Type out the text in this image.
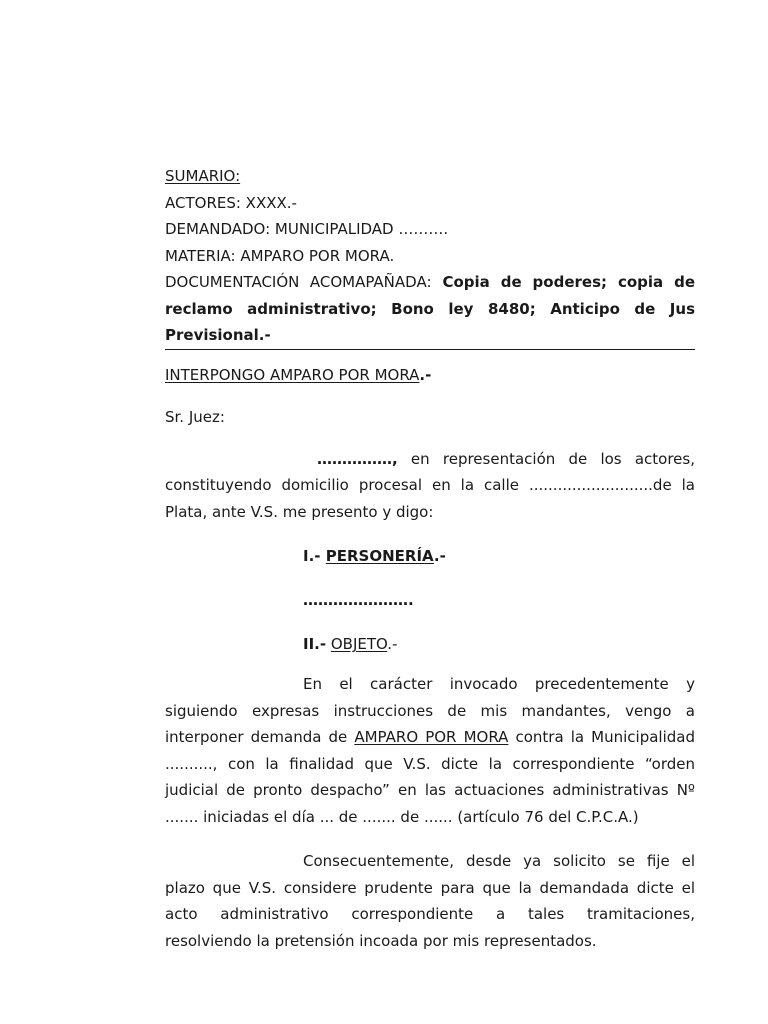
SUMARIO:
ACTORES: XXXX.-
DEMANDADO: MUNICIPALIDAD ……….
MATERIA: AMPARO POR MORA.
DOCUMENTACIÓN ACOMAPAÑADA: Copia de poderes; copia de reclamo administrativo; Bono ley 8480; Anticipo de Jus Previsional.-
INTERPONGO AMPARO POR MORA.-
Sr. Juez:
……………, en representación de los actores, constituyendo domicilio procesal en la calle ..........................de la Plata, ante V.S. me presento y digo:
I.- PERSONERÍA.-
………………….
II.- OBJETO.-
En el carácter invocado precedentemente y siguiendo expresas instrucciones de mis mandantes, vengo a interponer demanda de AMPARO POR MORA contra la Municipalidad .........., con la finalidad que V.S. dicte la correspondiente “orden judicial de pronto despacho” en las actuaciones administrativas Nº ....... iniciadas el día ... de ....... de ...... (artículo 76 del C.P.C.A.)
Consecuentemente, desde ya solicito se fije el plazo que V.S. considere prudente para que la demandada dicte el acto administrativo correspondiente a tales tramitaciones, resolviendo la pretensión incoada por mis representados.
